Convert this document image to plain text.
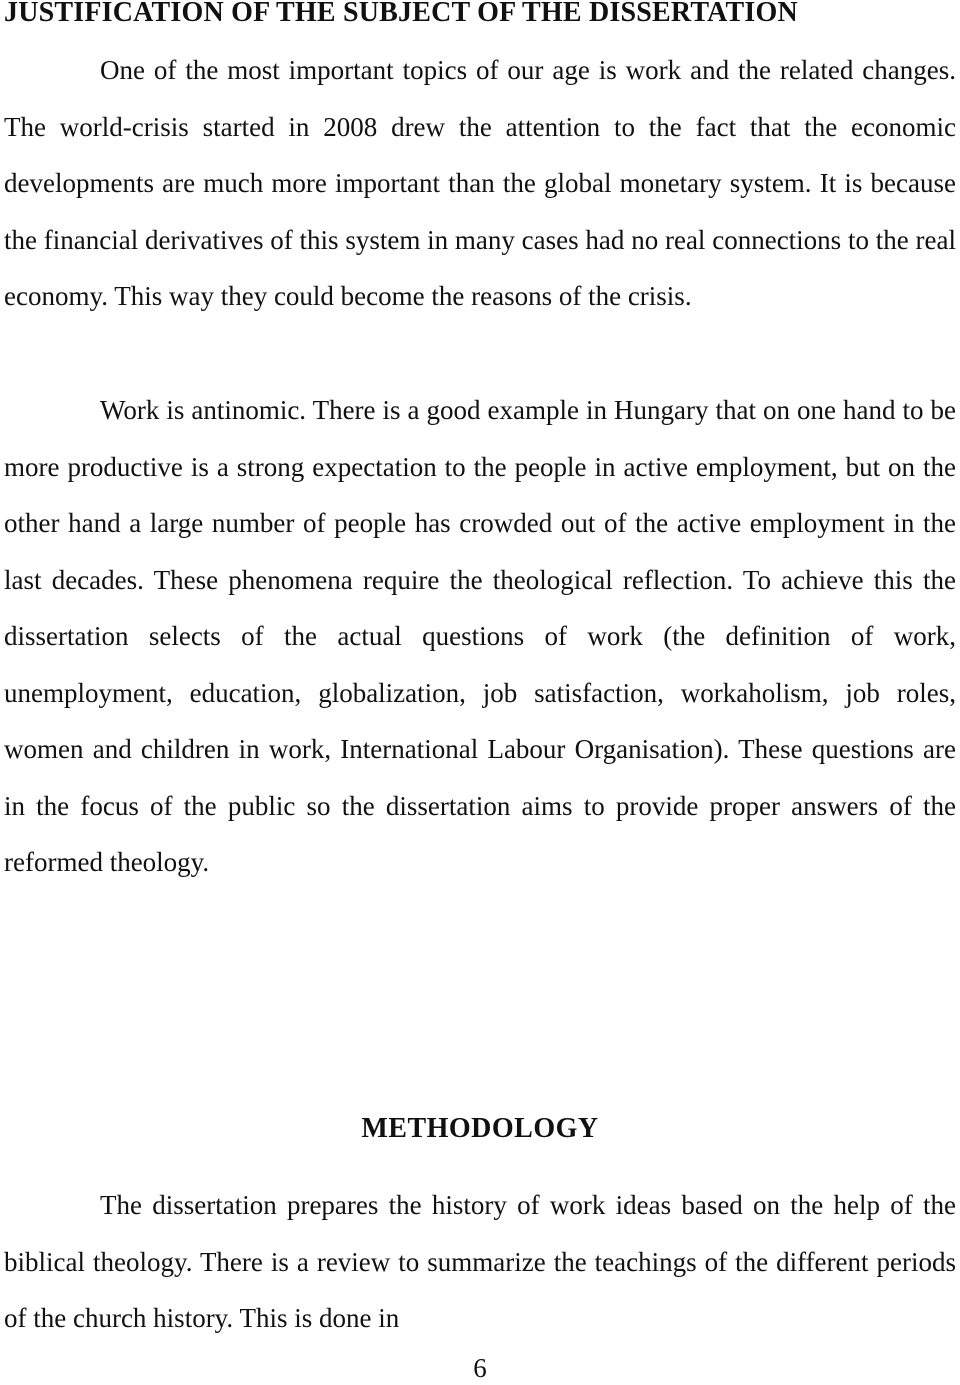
JUSTIFICATION OF THE SUBJECT OF THE DISSERTATION

One of the most important topics of our age is work and the related changes. The world-crisis started in 2008 drew the attention to the fact that the economic developments are much more important than the global monetary system. It is because the financial derivatives of this system in many cases had no real connections to the real economy. This way they could become the reasons of the crisis.

Work is antinomic. There is a good example in Hungary that on one hand to be more productive is a strong expectation to the people in active employment, but on the other hand a large number of people has crowded out of the active employment in the last decades. These phenomena require the theological reflection. To achieve this the dissertation selects of the actual questions of work (the definition of work, unemployment, education, globalization, job satisfaction, workaholism, job roles, women and children in work, International Labour Organisation). These questions are in the focus of the public so the dissertation aims to provide proper answers of the reformed theology.

METHODOLOGY

The dissertation prepares the history of work ideas based on the help of the biblical theology. There is a review to summarize the teachings of the different periods of the church history. This is done in

6
